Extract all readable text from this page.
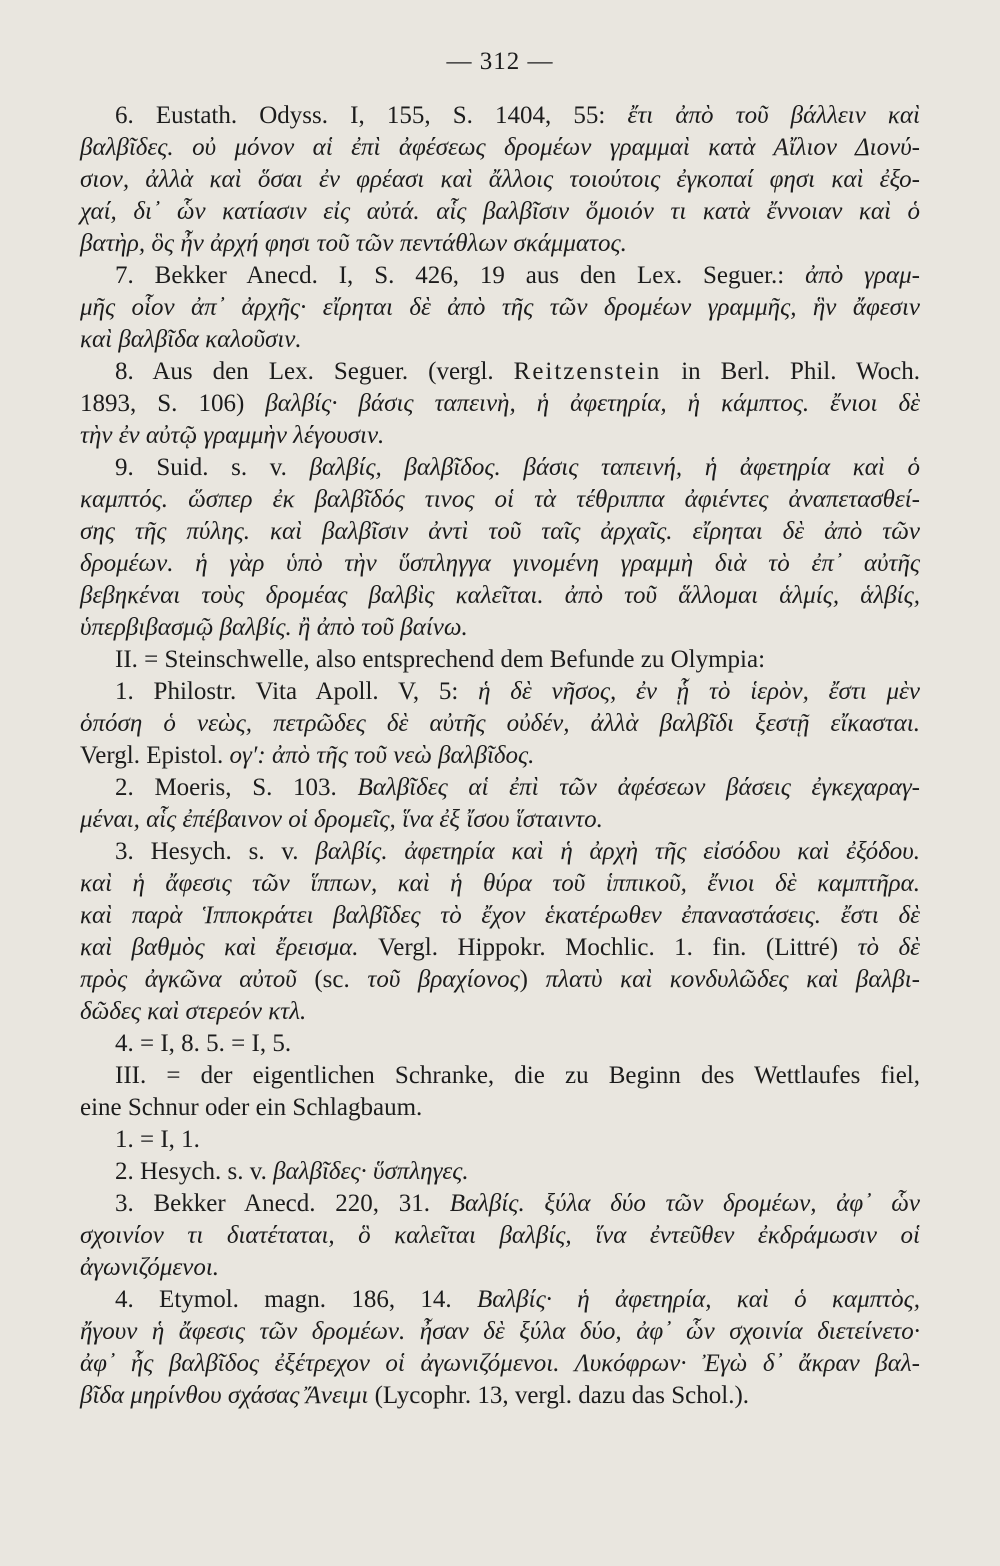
— 312 —
6. Eustath. Odyss. I, 155, S. 1404, 55: ἔτι ἀπὸ τοῦ βάλλειν καὶ
βαλβῖδες. οὐ μόνον αἱ ἐπὶ ἀφέσεως δρομέων γραμμαὶ κατὰ Αἴλιον Διονύ-
σιον, ἀλλὰ καὶ ὅσαι ἐν φρέασι καὶ ἄλλοις τοιούτοις ἐγκοπαί φησι καὶ ἐξο-
χαί, δι᾽ ὧν κατίασιν εἰς αὐτά. αἷς βαλβῖσιν ὅμοιόν τι κατὰ ἔννοιαν καὶ ὁ
βατὴρ, ὃς ἦν ἀρχή φησι τοῦ τῶν πεντάθλων σκάμματος.
7. Bekker Anecd. I, S. 426, 19 aus den Lex. Seguer.: ἀπὸ γραμ-
μῆς οἷον ἀπ᾽ ἀρχῆς· εἴρηται δὲ ἀπὸ τῆς τῶν δρομέων γραμμῆς, ἣν ἄφεσιν
καὶ βαλβῖδα καλοῦσιν.
8. Aus den Lex. Seguer. (vergl. Reitzenstein in Berl. Phil. Woch.
1893, S. 106) βαλβίς· βάσις ταπεινὴ, ἡ ἀφετηρία, ἡ κάμπτος. ἔνιοι δὲ
τὴν ἐν αὐτῷ γραμμὴν λέγουσιν.
9. Suid. s. v. βαλβίς, βαλβῖδος. βάσις ταπεινή, ἡ ἀφετηρία καὶ ὁ
καμπτός. ὥσπερ ἐκ βαλβῖδός τινος οἱ τὰ τέθριππα ἀφιέντες ἀναπετασθεί-
σης τῆς πύλης. καὶ βαλβῖσιν ἀντὶ τοῦ ταῖς ἀρχαῖς. εἴρηται δὲ ἀπὸ τῶν
δρομέων. ἡ γὰρ ὑπὸ τὴν ὕσπληγγα γινομένη γραμμὴ διὰ τὸ ἐπ᾽ αὐτῆς
βεβηκέναι τοὺς δρομέας βαλβὶς καλεῖται. ἀπὸ τοῦ ἅλλομαι ἁλμίς, ἁλβίς,
ὑπερβιβασμῷ βαλβίς. ἢ ἀπὸ τοῦ βαίνω.
II. = Steinschwelle, also entsprechend dem Befunde zu Olympia:
1. Philostr. Vita Apoll. V, 5: ἡ δὲ νῆσος, ἐν ᾗ τὸ ἱερὸν, ἔστι μὲν
ὁπόση ὁ νεὼς, πετρῶδες δὲ αὐτῆς οὐδέν, ἀλλὰ βαλβῖδι ξεστῇ εἴκασται.
Vergl. Epistol. ογ′: ἀπὸ τῆς τοῦ νεὼ βαλβῖδος.
2. Moeris, S. 103. Βαλβῖδες αἱ ἐπὶ τῶν ἀφέσεων βάσεις ἐγκεχαραγ-
μέναι, αἷς ἐπέβαινον οἱ δρομεῖς, ἵνα ἐξ ἴσου ἵσταιντο.
3. Hesych. s. v. βαλβίς. ἀφετηρία καὶ ἡ ἀρχὴ τῆς εἰσόδου καὶ ἐξόδου.
καὶ ἡ ἄφεσις τῶν ἵππων, καὶ ἡ θύρα τοῦ ἱππικοῦ, ἔνιοι δὲ καμπτῆρα.
καὶ παρὰ Ἱπποκράτει βαλβῖδες τὸ ἔχον ἑκατέρωθεν ἐπαναστάσεις. ἔστι δὲ
καὶ βαθμὸς καὶ ἔρεισμα. Vergl. Hippokr. Mochlic. 1. fin. (Littré) τὸ δὲ
πρὸς ἀγκῶνα αὐτοῦ (sc. τοῦ βραχίονος) πλατὺ καὶ κονδυλῶδες καὶ βαλβι-
δῶδες καὶ στερεόν κτλ.
4. = I, 8. 5. = I, 5.
III. = der eigentlichen Schranke, die zu Beginn des Wettlaufes fiel,
eine Schnur oder ein Schlagbaum.
1. = I, 1.
2. Hesych. s. v. βαλβῖδες· ὕσπληγες.
3. Bekker Anecd. 220, 31. Βαλβίς. ξύλα δύο τῶν δρομέων, ἀφ᾽ ὧν
σχοινίον τι διατέταται, ὃ καλεῖται βαλβίς, ἵνα ἐντεῦθεν ἐκδράμωσιν οἱ
ἀγωνιζόμενοι.
4. Etymol. magn. 186, 14. Βαλβίς· ἡ ἀφετηρία, καὶ ὁ καμπτὸς,
ἤγουν ἡ ἄφεσις τῶν δρομέων. ἦσαν δὲ ξύλα δύο, ἀφ᾽ ὧν σχοινία διετείνετο·
ἀφ᾽ ἧς βαλβῖδος ἐξέτρεχον οἱ ἀγωνιζόμενοι. Λυκόφρων· Ἐγὼ δ᾽ ἄκραν βαλ-
βῖδα μηρίνθου σχάσας Ἄνειμι (Lycophr. 13, vergl. dazu das Schol.).
